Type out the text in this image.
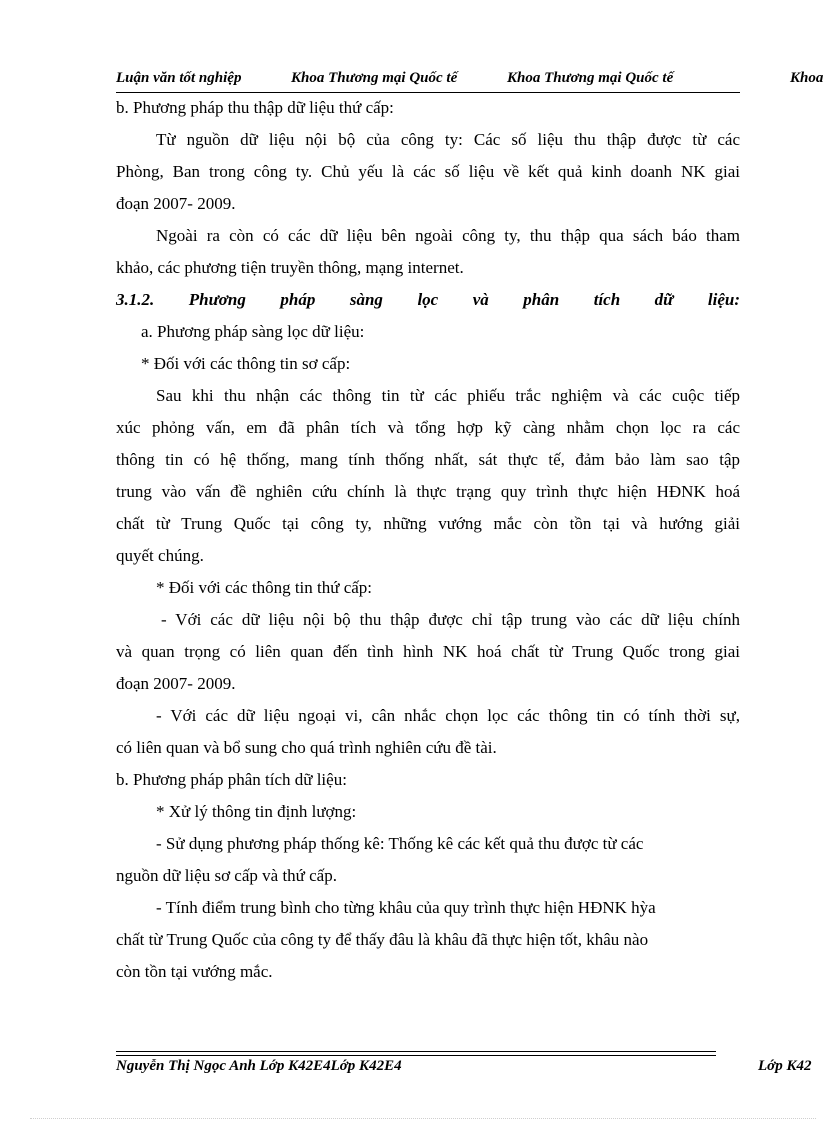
Luận văn tốt nghiệp	Khoa Thương mại Quốc tế	Khoa Thương mại Quốc tế	Khoa
b. Phương pháp thu thập dữ liệu thứ cấp:
Từ nguồn dữ liệu nội bộ của công ty: Các số liệu thu thập được từ các
Phòng, Ban trong công ty. Chủ yếu là các số liệu về kết quả kinh doanh NK giai
đoạn 2007- 2009.
Ngoài ra còn có các dữ liệu bên ngoài công ty, thu thập qua sách báo tham
khảo, các phương tiện truyền thông, mạng internet.
3.1.2. Phương pháp sàng lọc và phân tích dữ liệu:
a. Phương pháp sàng lọc dữ liệu:
* Đối với các thông tin sơ cấp:
Sau khi thu nhận các thông tin từ các phiếu trắc nghiệm và các cuộc tiếp
xúc phỏng vấn, em đã phân tích và tổng hợp kỹ càng nhằm chọn lọc ra các
thông tin có hệ thống, mang tính thống nhất, sát thực tế, đảm bảo làm sao tập
trung vào vấn đề nghiên cứu chính là thực trạng quy trình thực hiện HĐNK hoá
chất từ Trung Quốc tại công ty, những vướng mắc còn tồn tại và hướng giải
quyết chúng.
* Đối với các thông tin thứ cấp:
- Với các dữ liệu nội bộ thu thập được chỉ tập trung vào các dữ liệu chính
và quan trọng có liên quan đến tình hình NK hoá chất từ Trung Quốc trong giai
đoạn 2007- 2009.
- Với các dữ liệu ngoại vi, cân nhắc chọn lọc các thông tin có tính thời sự,
có liên quan và bổ sung cho quá trình nghiên cứu đề tài.
b. Phương pháp phân tích dữ liệu:
* Xử lý thông tin định lượng:
- Sử dụng phương pháp thống kê: Thống kê các kết quả thu được từ các
nguồn dữ liệu sơ cấp và thứ cấp.
- Tính điểm trung bình cho từng khâu của quy trình thực hiện HĐNK hỳa
chất từ Trung Quốc của công ty để thấy đâu là khâu đã thực hiện tốt, khâu nào
còn tồn tại vướng mắc.
Nguyễn Thị Ngọc Anh Lớp K42E4Lớp K42E4	Lớp K42
